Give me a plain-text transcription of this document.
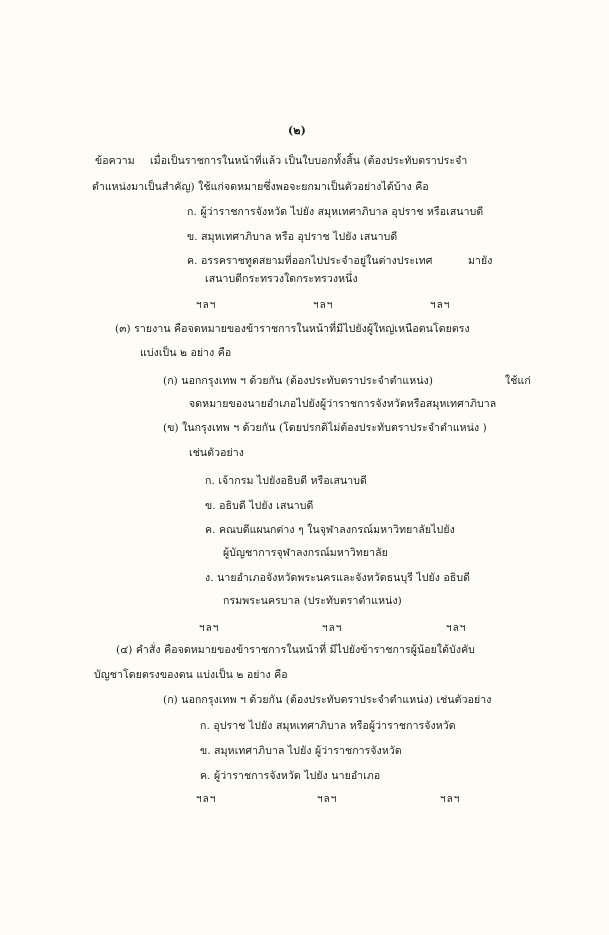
(๒)

ข้อความ เมื่อเป็นราชการในหน้าที่แล้ว เป็นใบบอกทั้งสิ้น (ต้องประทับตราประจำ

ตำแหน่งมาเป็นสำคัญ) ใช้แก่จดหมายซึ่งพอจะยกมาเป็นตัวอย่างได้บ้าง คือ

ก. ผู้ว่าราชการจังหวัด ไปยัง สมุหเทศาภิบาล อุปราช หรือเสนาบดี

ข. สมุหเทศาภิบาล หรือ อุปราช ไปยัง เสนาบดี

ค. อรรคราชทูตสยามที่ออกไปประจำอยู่ในต่างประเทศ	มายัง

เสนาบดีกระทรวงใดกระทรวงหนึ่ง

ฯลฯ	ฯลฯ	ฯลฯ

(๓) รายงาน คือจดหมายของข้าราชการในหน้าที่มีไปยังผู้ใหญ่เหนือตนโดยตรง

แบ่งเป็น ๒ อย่าง คือ

(ก) นอกกรุงเทพ ฯ ด้วยกัน (ต้องประทับตราประจำตำแหน่ง)	ใช้แก่

จดหมายของนายอำเภอไปยังผู้ว่าราชการจังหวัดหรือสมุหเทศาภิบาล

(ข) ในกรุงเทพ ฯ ด้วยกัน (โดยปรกติไม่ต้องประทับตราประจำตำแหน่ง )

เช่นตัวอย่าง

ก. เจ้ากรม ไปยังอธิบดี หรือเสนาบดี

ข. อธิบดี ไปยัง เสนาบดี

ค. คณบดีแผนกต่าง ๆ ในจุฬาลงกรณ์มหาวิทยาลัยไปยัง

ผู้บัญชาการจุฬาลงกรณ์มหาวิทยาลัย

ง. นายอำเภอจังหวัดพระนครและจังหวัดธนบุรี ไปยัง อธิบดี

กรมพระนครบาล (ประทับตราตำแหน่ง)

ฯลฯ	ฯลฯ	ฯลฯ

(๔) คำสั่ง คือจดหมายของข้าราชการในหน้าที่ มีไปยังข้าราชการผู้น้อยใต้บังคับ

บัญชาโดยตรงของตน แบ่งเป็น ๒ อย่าง คือ

(ก) นอกกรุงเทพ ฯ ด้วยกัน (ต้องประทับตราประจำตำแหน่ง) เช่นตัวอย่าง

ก. อุปราช ไปยัง สมุหเทศาภิบาล หรือผู้ว่าราชการจังหวัด

ข. สมุหเทศาภิบาล ไปยัง ผู้ว่าราชการจังหวัด

ค. ผู้ว่าราชการจังหวัด ไปยัง นายอำเภอ

ฯลฯ	ฯลฯ	ฯลฯ
